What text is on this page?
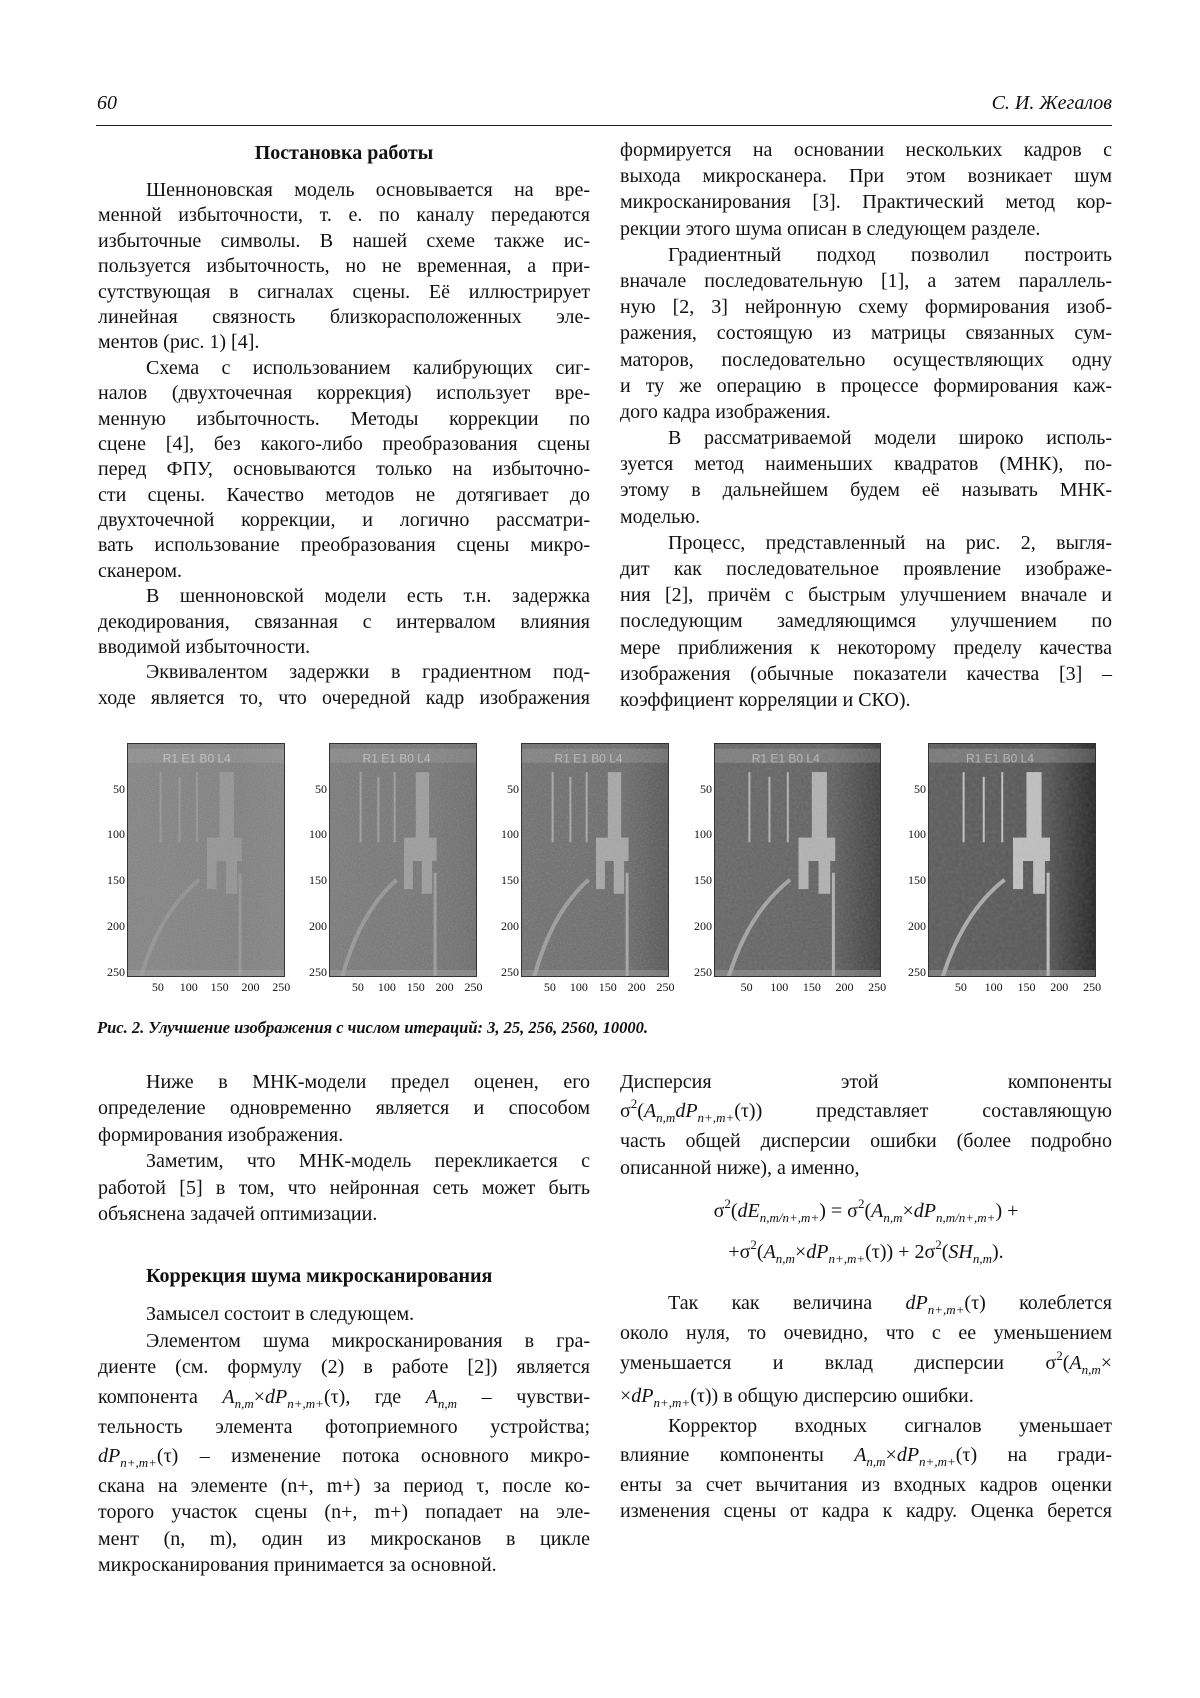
60	С. И. Жегалов
Постановка работы
Шенноновская модель основывается на вре-
менной избыточности, т. е. по каналу передаются
избыточные символы. В нашей схеме также ис-
пользуется избыточность, но не временная, а при-
сутствующая в сигналах сцены. Её иллюстрирует
линейная связность близкорасположенных эле-
ментов (рис. 1) [4].
Схема с использованием калибрующих сиг-
налов (двухточечная коррекция) использует вре-
менную избыточность. Методы коррекции по
сцене [4], без какого-либо преобразования сцены
перед ФПУ, основываются только на избыточно-
сти сцены. Качество методов не дотягивает до
двухточечной коррекции, и логично рассматри-
вать использование преобразования сцены микро-
сканером.
В шенноновской модели есть т.н. задержка
декодирования, связанная с интервалом влияния
вводимой избыточности.
Эквивалентом задержки в градиентном под-
ходе является то, что очередной кадр изображения
формируется на основании нескольких кадров с
выхода микросканера. При этом возникает шум
микросканирования [3]. Практический метод кор-
рекции этого шума описан в следующем разделе.
Градиентный подход позволил построить
вначале последовательную [1], а затем параллель-
ную [2, 3] нейронную схему формирования изоб-
ражения, состоящую из матрицы связанных сум-
маторов, последовательно осуществляющих одну
и ту же операцию в процессе формирования каж-
дого кадра изображения.
В рассматриваемой модели широко исполь-
зуется метод наименьших квадратов (МНК), по-
этому в дальнейшем будем её называть МНК-
моделью.
Процесс, представленный на рис. 2, выгля-
дит как последовательное проявление изображе-
ния [2], причём с быстрым улучшением вначале и
последующим замедляющимся улучшением по
мере приближения к некоторому пределу качества
изображения (обычные показатели качества [3] –
коэффициент корреляции и СКО).
R1 E1 B0 L4
50
100
150
200
250
50	100	150	200	250
R1 E1 B0 L4
50
100
150
200
250
50	100 150 200 250
R1 E1 B0 L4
50
100
150
200
250
50	100 150 200 250
R1 E1 B0 L4
50
100
150
200
250
50	100	150	200	250
R1 E1 B0 L4
50
100
150
200
250
50	100	150	200	250
Рис. 2. Улучшение изображения с числом итераций: 3, 25, 256, 2560, 10000.
Ниже в МНК-модели предел оценен, его
определение одновременно является и способом
формирования изображения.
Заметим, что МНК-модель перекликается с
работой [5] в том, что нейронная сеть может быть
объяснена задачей оптимизации.
Коррекция шума микросканирования
Замысел состоит в следующем.
Элементом шума микросканирования в гра-
диенте (см. формулу (2) в работе [2]) является
компонента An,m×dPn+,m+(τ), где An,m – чувстви-
тельность элемента фотоприемного устройства;
dPn+,m+(τ) – изменение потока основного микро-
скана на элементе (n+, m+) за период τ, после ко-
торого участок сцены (n+, m+) попадает на эле-
мент (n, m), один из микросканов в цикле
микросканирования принимается за основной.
Дисперсия этой компоненты
σ2(An,mdPn+,m+(τ)) представляет составляющую
часть общей дисперсии ошибки (более подробно
описанной ниже), а именно,
σ2(dEn,m/n+,m+) = σ2(An,m×dPn,m/n+,m+) +
+σ2(An,m×dPn+,m+(τ)) + 2σ2(SHn,m).
Так как величина dPn+,m+(τ) колеблется
около нуля, то очевидно, что с ее уменьшением
уменьшается и вклад дисперсии σ2(An,m×
×dPn+,m+(τ)) в общую дисперсию ошибки.
Корректор входных сигналов уменьшает
влияние компоненты An,m×dPn+,m+(τ) на гради-
енты за счет вычитания из входных кадров оценки
изменения сцены от кадра к кадру. Оценка берется
